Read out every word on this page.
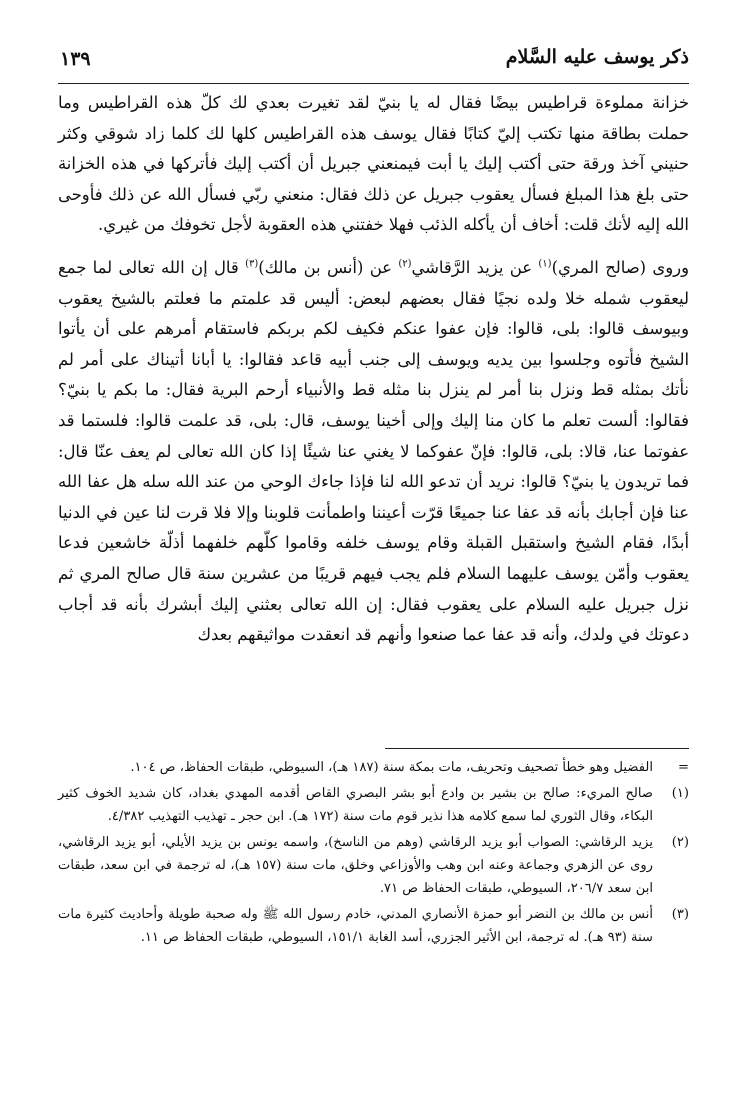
ذكر يوسف عليه السَّلام
١٣٩

خزانة مملوءة قراطيس بيضًا فقال له يا بنيّ لقد تغيرت بعدي لك كلّ هذه القراطيس وما حملت بطاقة منها تكتب إليّ كتابًا فقال يوسف هذه القراطيس كلها لك كلما زاد شوقي وكثر حنيني آخذ ورقة حتى أكتب إليك يا أبت فيمنعني جبريل أن أكتب إليك فأتركها في هذه الخزانة حتى بلغ هذا المبلغ فسأل يعقوب جبريل عن ذلك فقال: منعني ربّي فسأل الله عن ذلك فأوحى الله إليه لأنك قلت: أخاف أن يأكله الذئب فهلا خفتني هذه العقوبة لأجل تخوفك من غيري.

وروى (صالح المري)$^{(١)}$ عن يزيد الرَّقاشي$^{(٢)}$ عن (أنس بن مالك)$^{(٣)}$ قال إن الله تعالى لما جمع ليعقوب شمله خلا ولده نجيًا فقال بعضهم لبعض: أليس قد علمتم ما فعلتم بالشيخ يعقوب وبيوسف قالوا: بلى، قالوا: فإن عفوا عنكم فكيف لكم بربكم فاستقام أمرهم على أن يأتوا الشيخ فأتوه وجلسوا بين يديه ويوسف إلى جنب أبيه قاعد فقالوا: يا أبانا أتيناك على أمر لم نأتك بمثله قط ونزل بنا أمر لم ينزل بنا مثله قط والأنبياء أرحم البرية فقال: ما بكم يا بنيّ؟ فقالوا: ألست تعلم ما كان منا إليك وإلى أخينا يوسف، قال: بلى، قد علمت قالوا: فلستما قد عفوتما عنا، قالا: بلى، قالوا: فإنّ عفوكما لا يغني عنا شيئًا إذا كان الله تعالى لم يعف عنّا قال: فما تريدون يا بنيّ؟ قالوا: نريد أن تدعو الله لنا فإذا جاءك الوحي من عند الله سله هل عفا الله عنا فإن أجابك بأنه قد عفا عنا جميعًا قرّت أعيننا واطمأنت قلوبنا وإلا فلا قرت لنا عين في الدنيا أبدًا، فقام الشيخ واستقبل القبلة وقام يوسف خلفه وقاموا كلّهم خلفهما أذلّة خاشعين فدعا يعقوب وأمّن يوسف عليهما السلام فلم يجب فيهم قريبًا من عشرين سنة قال صالح المري ثم نزل جبريل عليه السلام على يعقوب فقال: إن الله تعالى بعثني إليك أبشرك بأنه قد أجاب دعوتك في ولدك، وأنه قد عفا عما صنعوا وأنهم قد انعقدت مواثيقهم بعدك

=
الفضيل وهو خطأ تصحيف وتحريف، مات بمكة سنة (١٨٧ هـ)، السيوطي، طبقات الحفاظ، ص ١٠٤.
(١)
صالح المريء: صالح بن بشير بن وادع أبو بشر البصري القاص أقدمه المهدي بغداد، كان شديد الخوف كثير البكاء، وقال الثوري لما سمع كلامه هذا نذير قوم مات سنة (١٧٢ هـ). ابن حجر ـ تهذيب التهذيب ٤/٣٨٢.
(٢)
يزيد الرقاشي: الصواب أبو يزيد الرقاشي (وهم من الناسخ)، واسمه يونس بن يزيد الأيلي، أبو يزيد الرقاشي، روى عن الزهري وجماعة وعنه ابن وهب والأوزاعي وخلق، مات سنة (١٥٧ هـ)، له ترجمة في ابن سعد، طبقات ابن سعد ٢٠٦/٧، السيوطي، طبقات الحفاظ ص ٧١.
(٣)
أنس بن مالك بن النضر أبو حمزة الأنصاري المدني، خادم رسول الله ﷺ وله صحبة طويلة وأحاديث كثيرة مات سنة (٩٣ هـ). له ترجمة، ابن الأثير الجزري، أسد الغابة ١٥١/١، السيوطي، طبقات الحفاظ ص ١١.
